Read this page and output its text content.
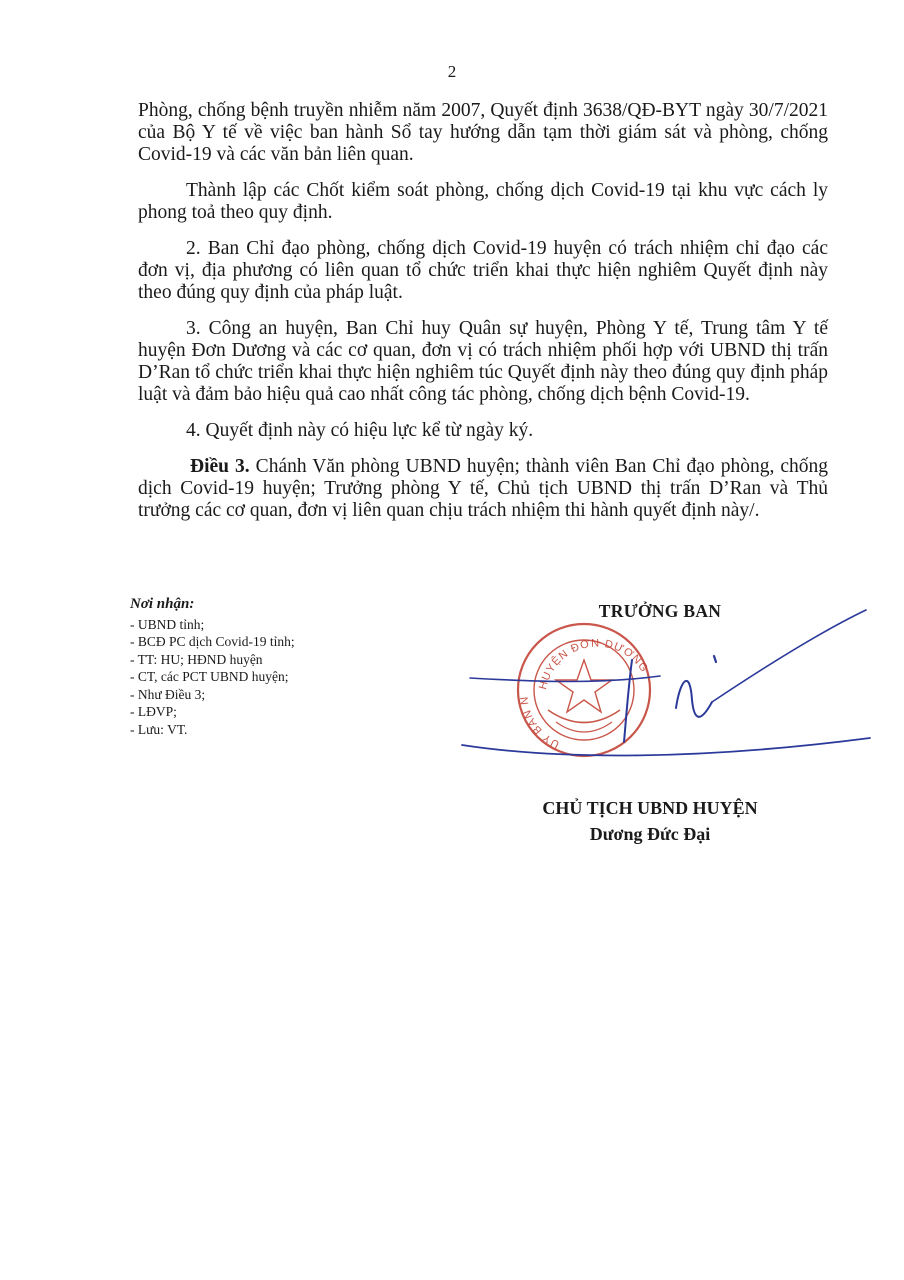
2

Phòng, chống bệnh truyền nhiễm năm 2007, Quyết định 3638/QĐ-BYT ngày 30/7/2021 của Bộ Y tế về việc ban hành Sổ tay hướng dẫn tạm thời giám sát và phòng, chống Covid-19 và các văn bản liên quan.

Thành lập các Chốt kiểm soát phòng, chống dịch Covid-19 tại khu vực cách ly phong toả theo quy định.

2. Ban Chỉ đạo phòng, chống dịch Covid-19 huyện có trách nhiệm chỉ đạo các đơn vị, địa phương có liên quan tổ chức triển khai thực hiện nghiêm Quyết định này theo đúng quy định của pháp luật.

3. Công an huyện, Ban Chỉ huy Quân sự huyện, Phòng Y tế, Trung tâm Y tế huyện Đơn Dương và các cơ quan, đơn vị có trách nhiệm phối hợp với UBND thị trấn D’Ran tổ chức triển khai thực hiện nghiêm túc Quyết định này theo đúng quy định pháp luật và đảm bảo hiệu quả cao nhất công tác phòng, chống dịch bệnh Covid-19.

4. Quyết định này có hiệu lực kể từ ngày ký.

Điều 3. Chánh Văn phòng UBND huyện; thành viên Ban Chỉ đạo phòng, chống dịch Covid-19 huyện; Trưởng phòng Y tế, Chủ tịch UBND thị trấn D’Ran và Thủ trưởng các cơ quan, đơn vị liên quan chịu trách nhiệm thi hành quyết định này/.

Nơi nhận:
- UBND tỉnh;
- BCĐ PC dịch Covid-19 tỉnh;
- TT: HU; HĐND huyện
- CT, các PCT UBND huyện;
- Như Điều 3;
- LĐVP;
- Lưu: VT.
TRƯỞNG BAN
HUYỆN ĐƠN DƯƠNG
UY BAN N
CHỦ TỊCH UBND HUYỆN
Dương Đức Đại
